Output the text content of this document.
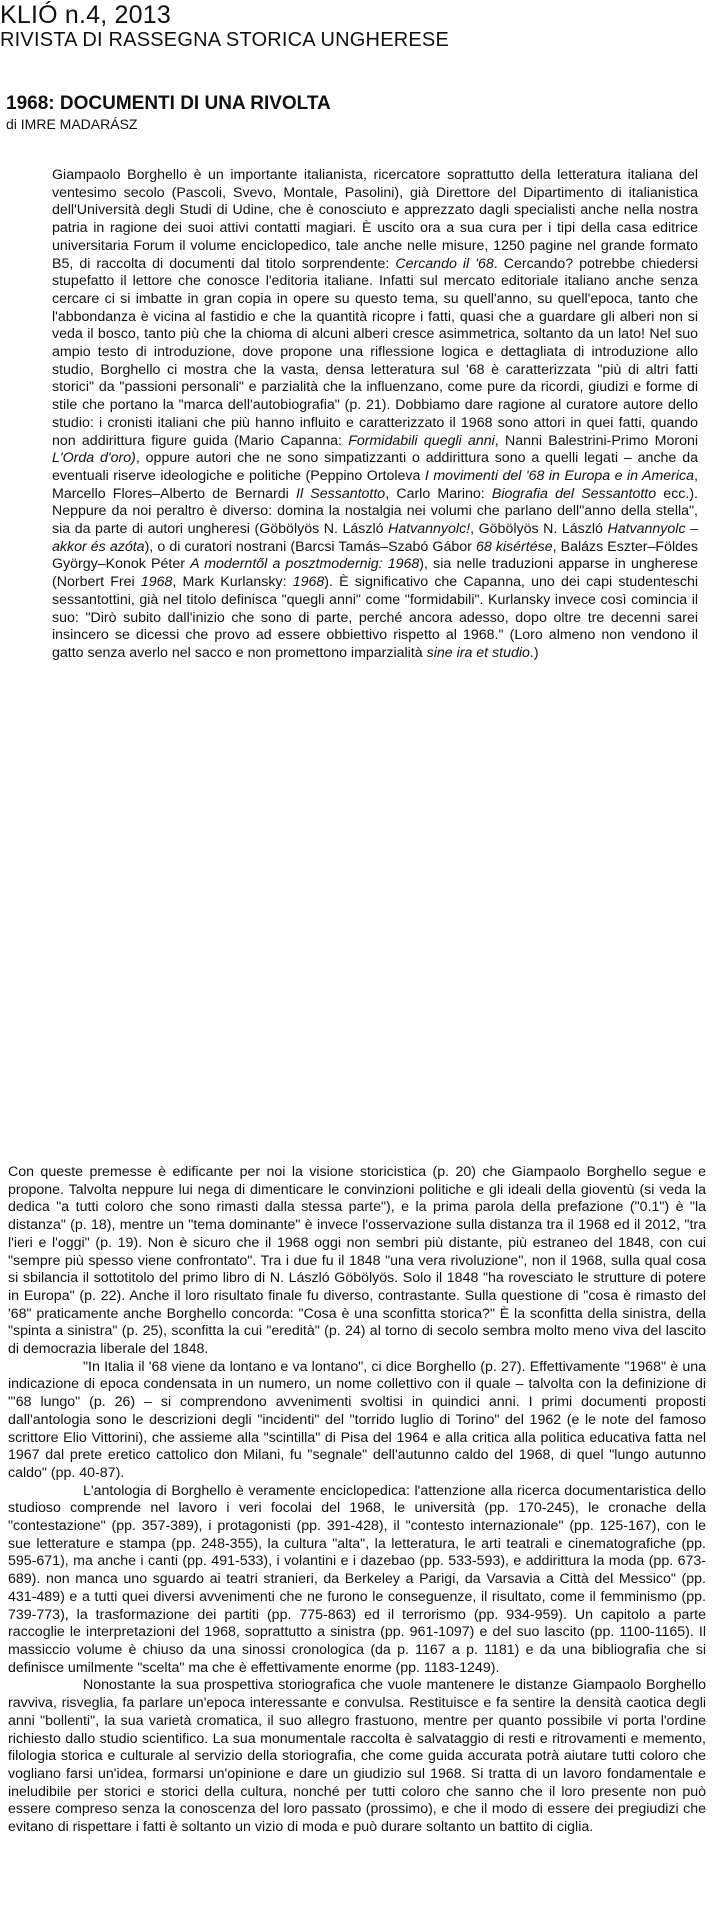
KLIÓ n.4, 2013
RIVISTA DI RASSEGNA STORICA UNGHERESE
1968: DOCUMENTI DI UNA RIVOLTA
di IMRE MADARÁSZ

Giampaolo Borghello è un importante italianista, ricercatore soprattutto della letteratura italiana del ventesimo secolo (Pascoli, Svevo, Montale, Pasolini), già Direttore del Dipartimento di italianistica dell'Università degli Studi di Udine, che è conosciuto e apprezzato dagli specialisti anche nella nostra patria in ragione dei suoi attivi contatti magiari. È uscito ora a sua cura per i tipi della casa editrice universitaria Forum il volume enciclopedico, tale anche nelle misure, 1250 pagine nel grande formato B5, di raccolta di documenti dal titolo sorprendente: Cercando il '68. Cercando? potrebbe chiedersi stupefatto il lettore che conosce l'editoria italiane. Infatti sul mercato editoriale italiano anche senza cercare ci si imbatte in gran copia in opere su questo tema, su quell'anno, su quell'epoca, tanto che l'abbondanza è vicina al fastidio e che la quantità ricopre i fatti, quasi che a guardare gli alberi non si veda il bosco, tanto più che la chioma di alcuni alberi cresce asimmetrica, soltanto da un lato! Nel suo ampio testo di introduzione, dove propone una riflessione logica e dettagliata di introduzione allo studio, Borghello ci mostra che la vasta, densa letteratura sul '68 è caratterizzata "più di altri fatti storici" da "passioni personali" e parzialità che la influenzano, come pure da ricordi, giudizi e forme di stile che portano la "marca dell'autobiografia" (p. 21). Dobbiamo dare ragione al curatore autore dello studio: i cronisti italiani che più hanno influito e caratterizzato il 1968 sono attori in quei fatti, quando non addirittura figure guida (Mario Capanna: Formidabili quegli anni, Nanni Balestrini-Primo Moroni L'Orda d'oro), oppure autori che ne sono simpatizzanti o addirittura sono a quelli legati – anche da eventuali riserve ideologiche e politiche (Peppino Ortoleva I movimenti del '68 in Europa e in America, Marcello Flores–Alberto de Bernardi Il Sessantotto, Carlo Marino: Biografia del Sessantotto ecc.). Neppure da noi peraltro è diverso: domina la nostalgia nei volumi che parlano dell"anno della stella", sia da parte di autori ungheresi (Göbölyös N. László Hatvannyolc!, Göbölyös N. László Hatvannyolc – akkor és azóta), o di curatori nostrani (Barcsi Tamás–Szabó Gábor 68 kisértése, Balázs Eszter–Földes György–Konok Péter A moderntől a posztmodernig: 1968), sia nelle traduzioni apparse in ungherese (Norbert Frei 1968, Mark Kurlansky: 1968). È significativo che Capanna, uno dei capi studenteschi sessantottini, già nel titolo definisca "quegli anni" come "formidabili". Kurlansky invece così comincia il suo: "Dirò subito dall'inizio che sono di parte, perché ancora adesso, dopo oltre tre decenni sarei insincero se dicessi che provo ad essere obbiettivo rispetto al 1968." (Loro almeno non vendono il gatto senza averlo nel sacco e non promettono imparzialità sine ira et studio.)

Con queste premesse è edificante per noi la visione storicistica (p. 20) che Giampaolo Borghello segue e propone. Talvolta neppure lui nega di dimenticare le convinzioni politiche e gli ideali della gioventù (si veda la dedica "a tutti coloro che sono rimasti dalla stessa parte"), e la prima parola della prefazione ("0.1") è "la distanza" (p. 18), mentre un "tema dominante" è invece l'osservazione sulla distanza tra il 1968 ed il 2012, "tra l'ieri e l'oggi" (p. 19). Non è sicuro che il 1968 oggi non sembri più distante, più estraneo del 1848, con cui "sempre più spesso viene confrontato". Tra i due fu il 1848 "una vera rivoluzione", non il 1968, sulla qual cosa si sbilancia il sottotitolo del primo libro di N. László Göbölyös. Solo il 1848 "ha rovesciato le strutture di potere in Europa" (p. 22). Anche il loro risultato finale fu diverso, contrastante. Sulla questione di "cosa è rimasto del '68" praticamente anche Borghello concorda: "Cosa è una sconfitta storica?" È la sconfitta della sinistra, della "spinta a sinistra" (p. 25), sconfitta la cui "eredità" (p. 24) al torno di secolo sembra molto meno viva del lascito di democrazia liberale del 1848.

"In Italia il '68 viene da lontano e va lontano", ci dice Borghello (p. 27). Effettivamente "1968" è una indicazione di epoca condensata in un numero, un nome collettivo con il quale – talvolta con la definizione di "'68 lungo" (p. 26) – si comprendono avvenimenti svoltisi in quindici anni. I primi documenti proposti dall'antologia sono le descrizioni degli "incidenti" del "torrido luglio di Torino" del 1962 (e le note del famoso scrittore Elio Vittorini), che assieme alla "scintilla" di Pisa del 1964 e alla critica alla politica educativa fatta nel 1967 dal prete eretico cattolico don Milani, fu "segnale" dell'autunno caldo del 1968, di quel "lungo autunno caldo" (pp. 40-87).

L'antologia di Borghello è veramente enciclopedica: l'attenzione alla ricerca documentaristica dello studioso comprende nel lavoro i veri focolai del 1968, le università (pp. 170-245), le cronache della "contestazione" (pp. 357-389), i protagonisti (pp. 391-428), il "contesto internazionale" (pp. 125-167), con le sue letterature e stampa (pp. 248-355), la cultura "alta", la letteratura, le arti teatrali e cinematografiche (pp. 595-671), ma anche i canti (pp. 491-533), i volantini e i dazebao (pp. 533-593), e addirittura la moda (pp. 673-689). non manca uno sguardo ai teatri stranieri, da Berkeley a Parigi, da Varsavia a Città del Messico" (pp. 431-489) e a tutti quei diversi avvenimenti che ne furono le conseguenze, il risultato, come il femminismo (pp. 739-773), la trasformazione dei partiti (pp. 775-863) ed il terrorismo (pp. 934-959). Un capitolo a parte raccoglie le interpretazioni del 1968, soprattutto a sinistra (pp. 961-1097) e del suo lascito (pp. 1100-1165). Il massiccio volume è chiuso da una sinossi cronologica (da p. 1167 a p. 1181) e da una bibliografia che si definisce umilmente "scelta" ma che è effettivamente enorme (pp. 1183-1249).

Nonostante la sua prospettiva storiografica che vuole mantenere le distanze Giampaolo Borghello ravviva, risveglia, fa parlare un'epoca interessante e convulsa. Restituisce e fa sentire la densità caotica degli anni "bollenti", la sua varietà cromatica, il suo allegro frastuono, mentre per quanto possibile vi porta l'ordine richiesto dallo studio scientifico. La sua monumentale raccolta è salvataggio di resti e ritrovamenti e memento, filologia storica e culturale al servizio della storiografia, che come guida accurata potrà aiutare tutti coloro che vogliano farsi un'idea, formarsi un'opinione e dare un giudizio sul 1968. Si tratta di un lavoro fondamentale e ineludibile per storici e storici della cultura, nonché per tutti coloro che sanno che il loro presente non può essere compreso senza la conoscenza del loro passato (prossimo), e che il modo di essere dei pregiudizi che evitano di rispettare i fatti è soltanto un vizio di moda e può durare soltanto un battito di ciglia.
